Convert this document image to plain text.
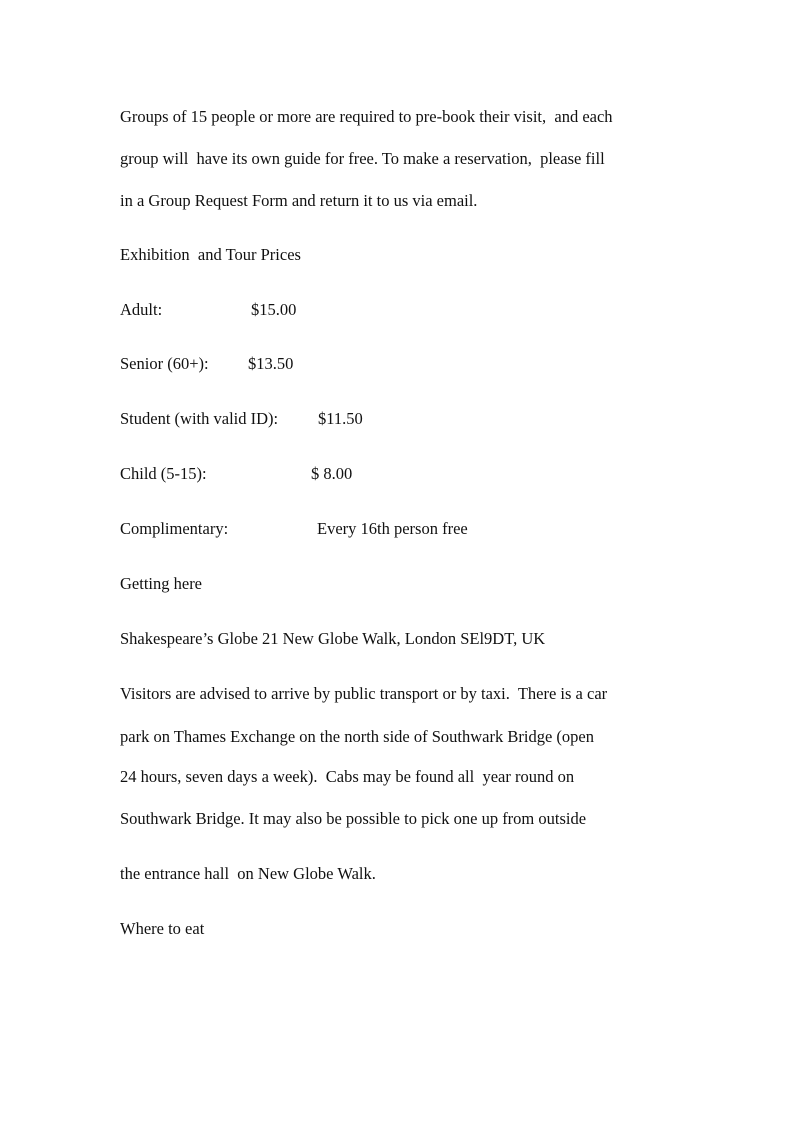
Groups of 15 people or more are required to pre-book their visit,  and each

group will  have its own guide for free. To make a reservation,  please fill

in a Group Request Form and return it to us via email.

Exhibition  and Tour Prices

Adult:	$15.00
Senior (60+): $13.50
Student (with valid ID): $11.50
Child (5-15):	$ 8.00
Complimentary:	Every 16th person free

Getting here

Shakespeare’s Globe 21 New Globe Walk, London SEl9DT, UK

Visitors are advised to arrive by public transport or by taxi.  There is a car

park on Thames Exchange on the north side of Southwark Bridge (open

24 hours, seven days a week).  Cabs may be found all  year round on

Southwark Bridge. It may also be possible to pick one up from outside

the entrance hall  on New Globe Walk.

Where to eat
